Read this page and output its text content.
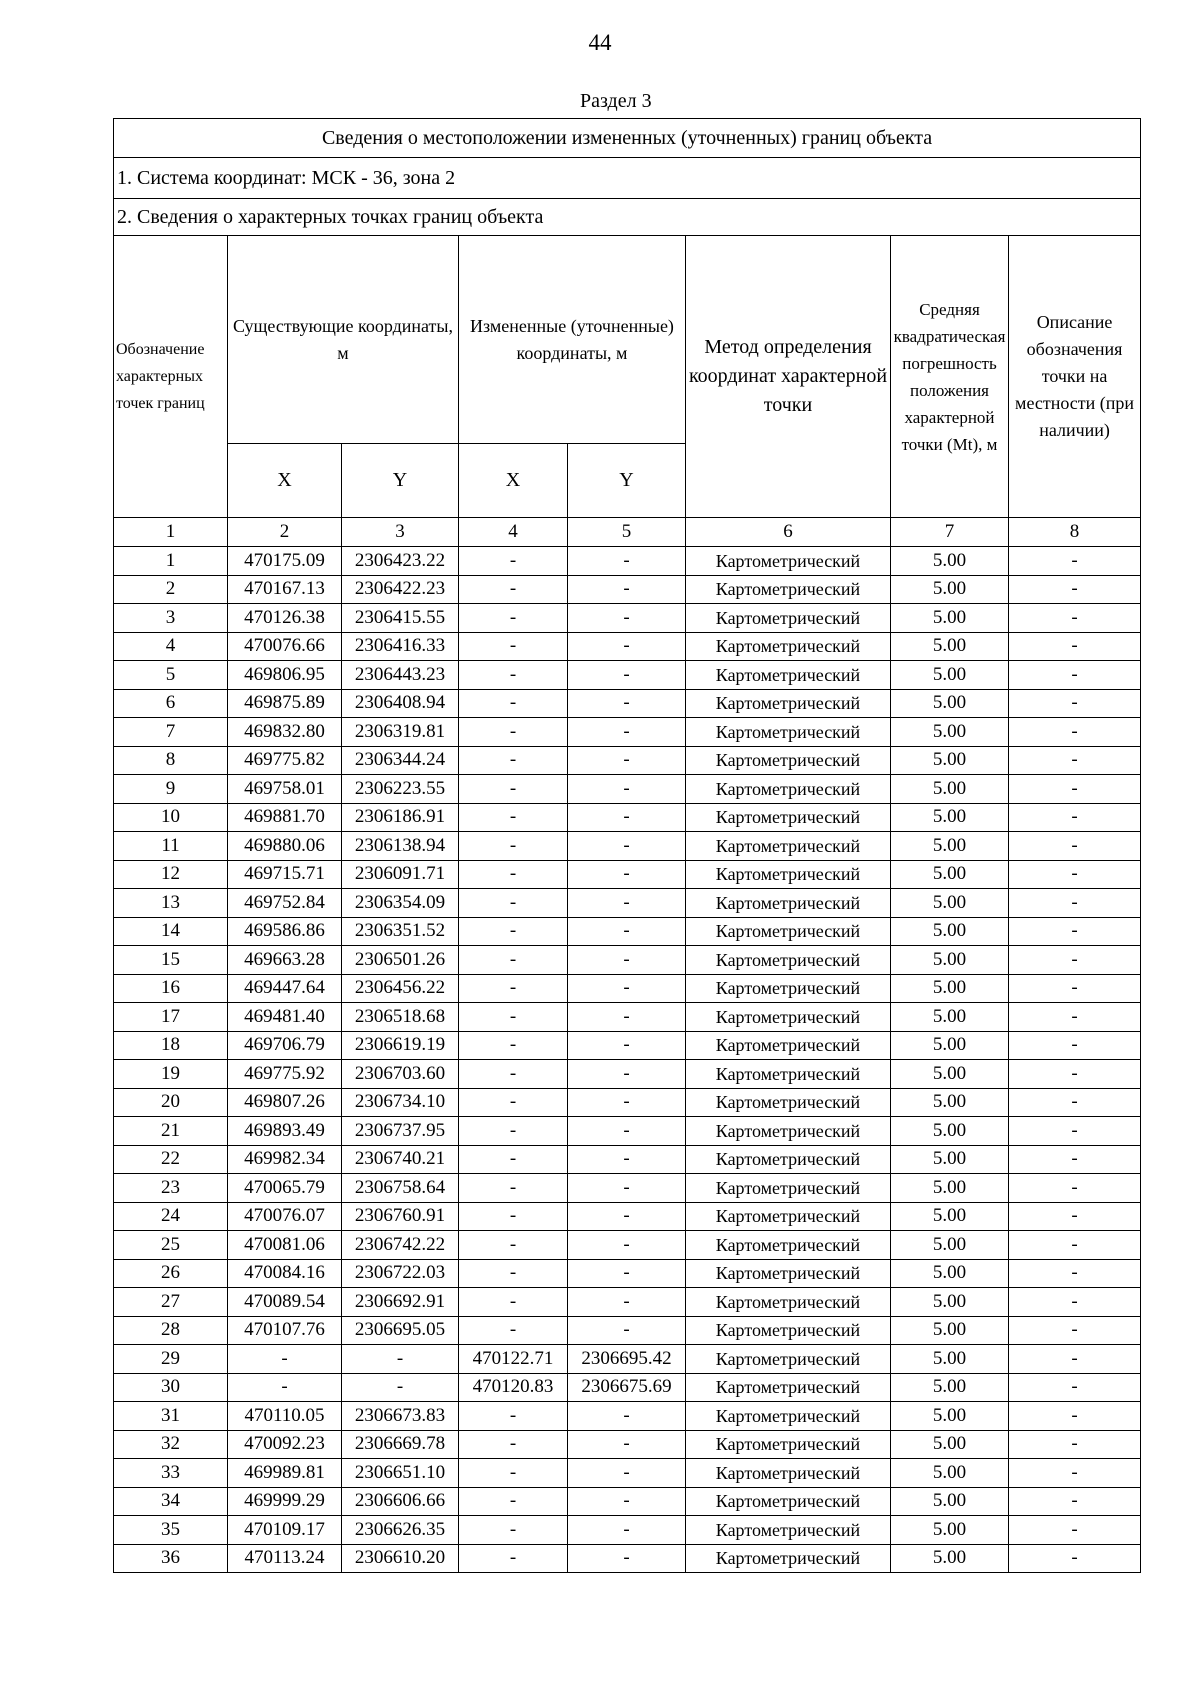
44
Раздел 3
Сведения о местоположении измененных (уточненных) границ объекта							
1. Система координат: МСК - 36, зона 2							
2. Сведения о характерных точках границ объекта							
Обозначение характерных точек границ	Существующие координаты, м		Измененные (уточненные) координаты, м		Метод определения координат характерной точки	Средняя квадратическая погрешность положения характерной точки (Mt), м	Описание обозначения точки на местности (при наличии)
	X	Y	X	Y			
1	2	3	4	5	6	7	8
1	470175.09	2306423.22	-	-	Картометрический	5.00	-
2	470167.13	2306422.23	-	-	Картометрический	5.00	-
3	470126.38	2306415.55	-	-	Картометрический	5.00	-
4	470076.66	2306416.33	-	-	Картометрический	5.00	-
5	469806.95	2306443.23	-	-	Картометрический	5.00	-
6	469875.89	2306408.94	-	-	Картометрический	5.00	-
7	469832.80	2306319.81	-	-	Картометрический	5.00	-
8	469775.82	2306344.24	-	-	Картометрический	5.00	-
9	469758.01	2306223.55	-	-	Картометрический	5.00	-
10	469881.70	2306186.91	-	-	Картометрический	5.00	-
11	469880.06	2306138.94	-	-	Картометрический	5.00	-
12	469715.71	2306091.71	-	-	Картометрический	5.00	-
13	469752.84	2306354.09	-	-	Картометрический	5.00	-
14	469586.86	2306351.52	-	-	Картометрический	5.00	-
15	469663.28	2306501.26	-	-	Картометрический	5.00	-
16	469447.64	2306456.22	-	-	Картометрический	5.00	-
17	469481.40	2306518.68	-	-	Картометрический	5.00	-
18	469706.79	2306619.19	-	-	Картометрический	5.00	-
19	469775.92	2306703.60	-	-	Картометрический	5.00	-
20	469807.26	2306734.10	-	-	Картометрический	5.00	-
21	469893.49	2306737.95	-	-	Картометрический	5.00	-
22	469982.34	2306740.21	-	-	Картометрический	5.00	-
23	470065.79	2306758.64	-	-	Картометрический	5.00	-
24	470076.07	2306760.91	-	-	Картометрический	5.00	-
25	470081.06	2306742.22	-	-	Картометрический	5.00	-
26	470084.16	2306722.03	-	-	Картометрический	5.00	-
27	470089.54	2306692.91	-	-	Картометрический	5.00	-
28	470107.76	2306695.05	-	-	Картометрический	5.00	-
29	-	-	470122.71	2306695.42	Картометрический	5.00	-
30	-	-	470120.83	2306675.69	Картометрический	5.00	-
31	470110.05	2306673.83	-	-	Картометрический	5.00	-
32	470092.23	2306669.78	-	-	Картометрический	5.00	-
33	469989.81	2306651.10	-	-	Картометрический	5.00	-
34	469999.29	2306606.66	-	-	Картометрический	5.00	-
35	470109.17	2306626.35	-	-	Картометрический	5.00	-
36	470113.24	2306610.20	-	-	Картометрический	5.00	-
